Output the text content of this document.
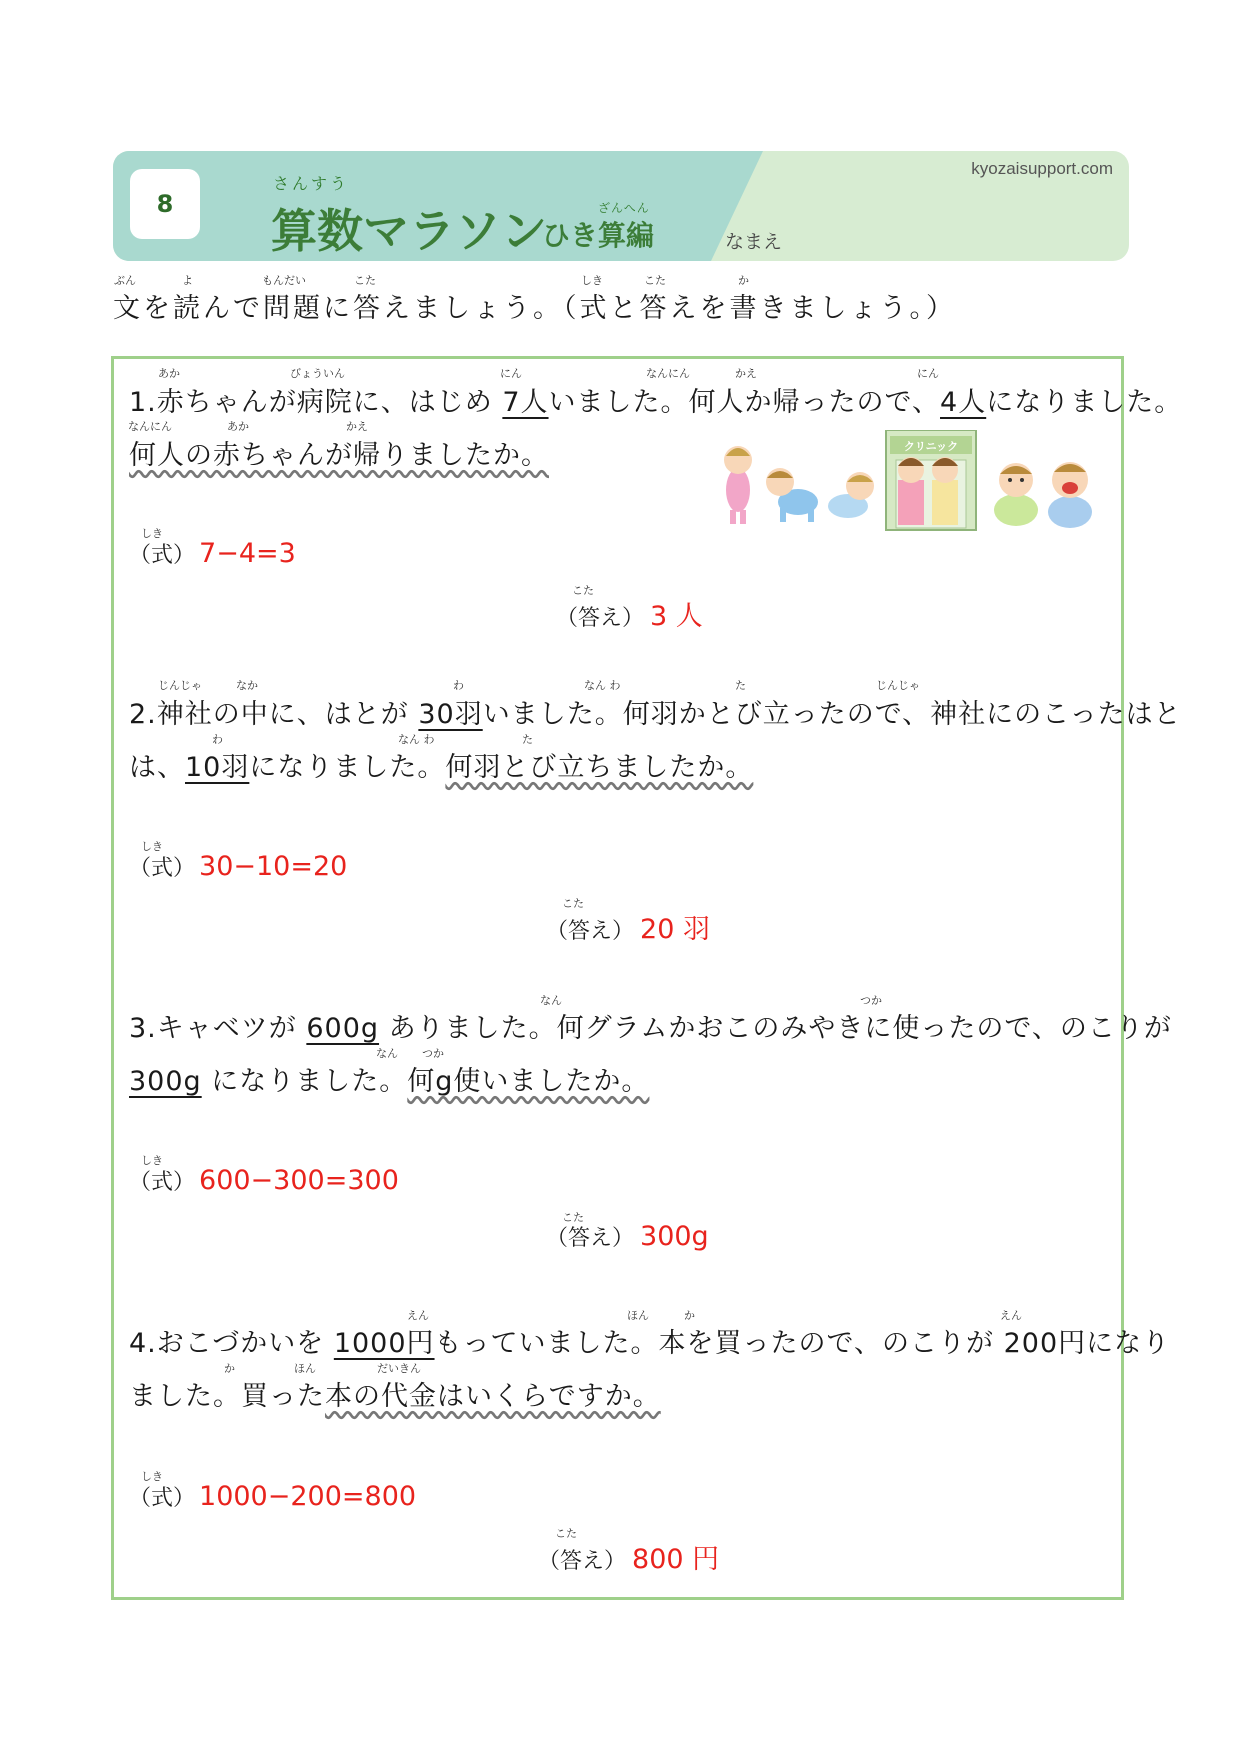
8
さんすう
算数マラソン	ざんへん
ひき算編
kyozaisupport.com
なまえ
ぶん	よ	もんだい	こた	しき	こた	か
文を読んで問題に答えましょう。（式と答えを書きましょう。）
クリニック
あか	びょういん	にん	なんにん	かえ	にん
1.赤ちゃんが病院に、はじめ 7人いました。何人か帰ったので、4人になりました。
なんにん	あか	かえ
何人の赤ちゃんが帰りましたか。
しき
（式） 7−4=3
こた
（答え） 3 人
じんじゃ	なか	わ	なん わ	た	じんじゃ
2.神社の中に、はとが 30羽いました。何羽かとび立ったので、神社にのこったはと
わ	なん わ	た
は、10羽になりました。何羽とび立ちましたか。
しき
（式） 30−10=20
こた
（答え） 20 羽
なん	つか
3.キャベツが 600g ありました。何グラムかおこのみやきに使ったので、のこりが
なん つか
300g になりました。何g使いましたか。
しき
（式） 600−300=300
こた
（答え） 300g
えん	ほん	か	えん
4.おこづかいを 1000円もっていました。本を買ったので、のこりが 200円になり
か	ほん	だいきん
ました。買った本の代金はいくらですか。
しき
（式） 1000−200=800
こた
（答え） 800 円
